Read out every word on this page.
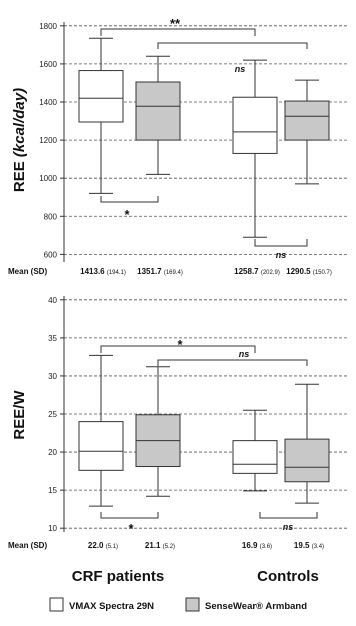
600
800
1000
1200
1400
1600
1800	**
ns
*
ns
REE (kcal/day)
Mean (SD)	1413.6 (194.1) 1351.7 (169.4)	1258.7 (202.9) 1290.5 (150.7)
10
15
20
25
30
35
40
*
ns
*	ns
REE/W
Mean (SD)	22.0 (5.1)	21.1 (5.2)	16.9 (3.6)	19.5 (3.4)
CRF patients	Controls
VMAX Spectra 29N	SenseWear® Armband
